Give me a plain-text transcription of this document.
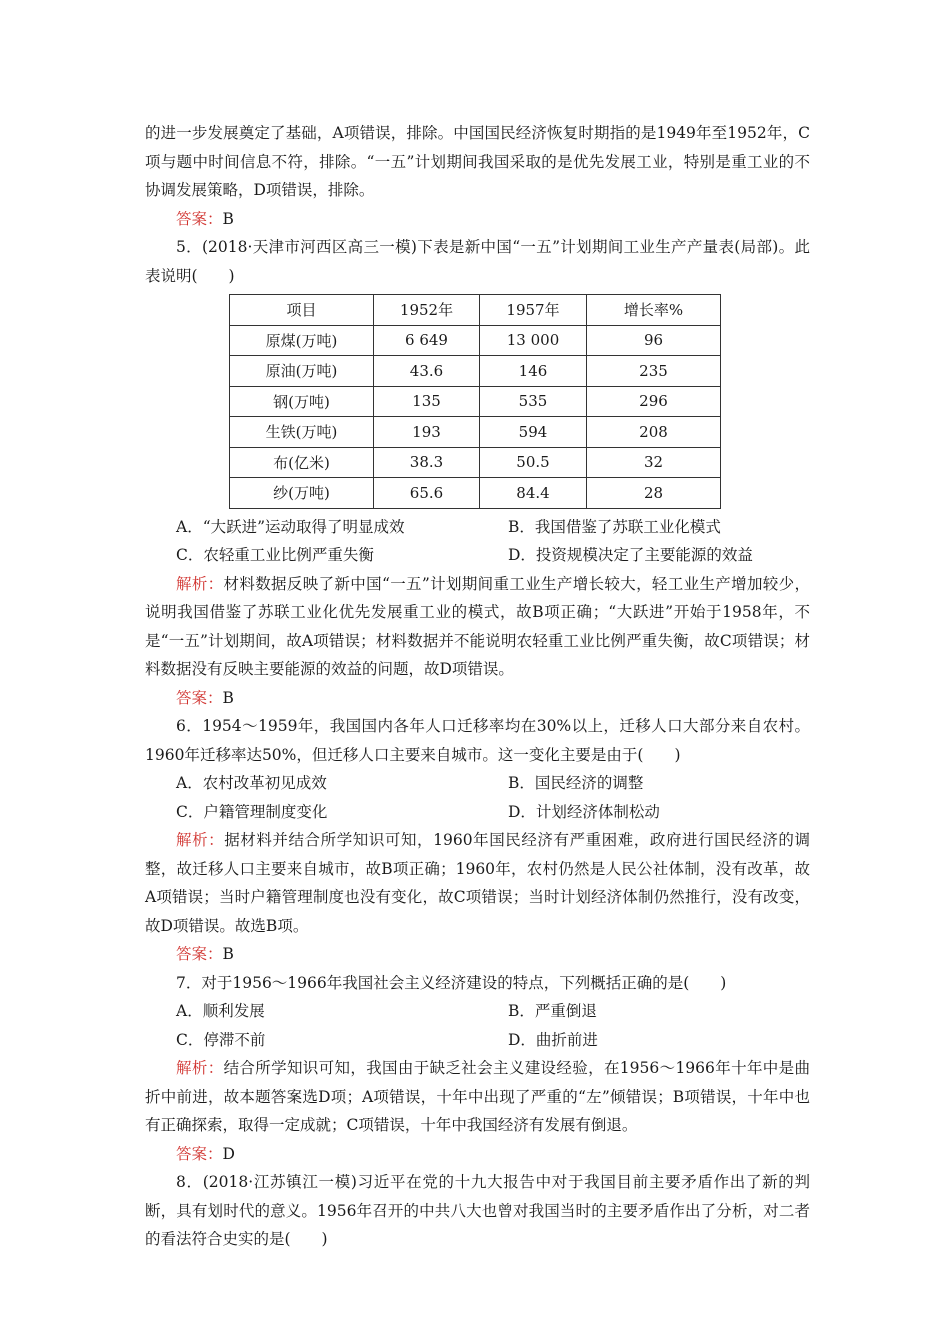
的进一步发展奠定了基础，A项错误，排除。中国国民经济恢复时期指的是1949年至1952年，C项与题中时间信息不符，排除。“一五”计划期间我国采取的是优先发展工业，特别是重工业的不协调发展策略，D项错误，排除。

答案：B

5．(2018·天津市河西区高三一模)下表是新中国“一五”计划期间工业生产产量表(局部)。此表说明(　　)

项目	1952年	1957年	增长率%
原煤(万吨)	6 649	13 000	96
原油(万吨)	43.6	146	235
钢(万吨)	135	535	296
生铁(万吨)	193	594	208
布(亿米)	38.3	50.5	32
纱(万吨)	65.6	84.4	28
A．“大跃进”运动取得了明显成效	B．我国借鉴了苏联工业化模式
C．农轻重工业比例严重失衡	D．投资规模决定了主要能源的效益

解析：材料数据反映了新中国“一五”计划期间重工业生产增长较大，轻工业生产增加较少，说明我国借鉴了苏联工业化优先发展重工业的模式，故B项正确；“大跃进”开始于1958年，不是“一五”计划期间，故A项错误；材料数据并不能说明农轻重工业比例严重失衡，故C项错误；材料数据没有反映主要能源的效益的问题，故D项错误。

答案：B

6．1954～1959年，我国国内各年人口迁移率均在30%以上，迁移人口大部分来自农村。1960年迁移率达50%，但迁移人口主要来自城市。这一变化主要是由于(　　)

A．农村改革初见成效	B．国民经济的调整
C．户籍管理制度变化	D．计划经济体制松动

解析：据材料并结合所学知识可知，1960年国民经济有严重困难，政府进行国民经济的调整，故迁移人口主要来自城市，故B项正确；1960年，农村仍然是人民公社体制，没有改革，故A项错误；当时户籍管理制度也没有变化，故C项错误；当时计划经济体制仍然推行，没有改变，故D项错误。故选B项。

答案：B

7．对于1956～1966年我国社会主义经济建设的特点，下列概括正确的是(　　)

A．顺利发展	B．严重倒退
C．停滞不前	D．曲折前进

解析：结合所学知识可知，我国由于缺乏社会主义建设经验，在1956～1966年十年中是曲折中前进，故本题答案选D项；A项错误，十年中出现了严重的“左”倾错误；B项错误，十年中也有正确探索，取得一定成就；C项错误，十年中我国经济有发展有倒退。

答案：D

8．(2018·江苏镇江一模)习近平在党的十九大报告中对于我国目前主要矛盾作出了新的判断，具有划时代的意义。1956年召开的中共八大也曾对我国当时的主要矛盾作出了分析，对二者的看法符合史实的是(　　)
